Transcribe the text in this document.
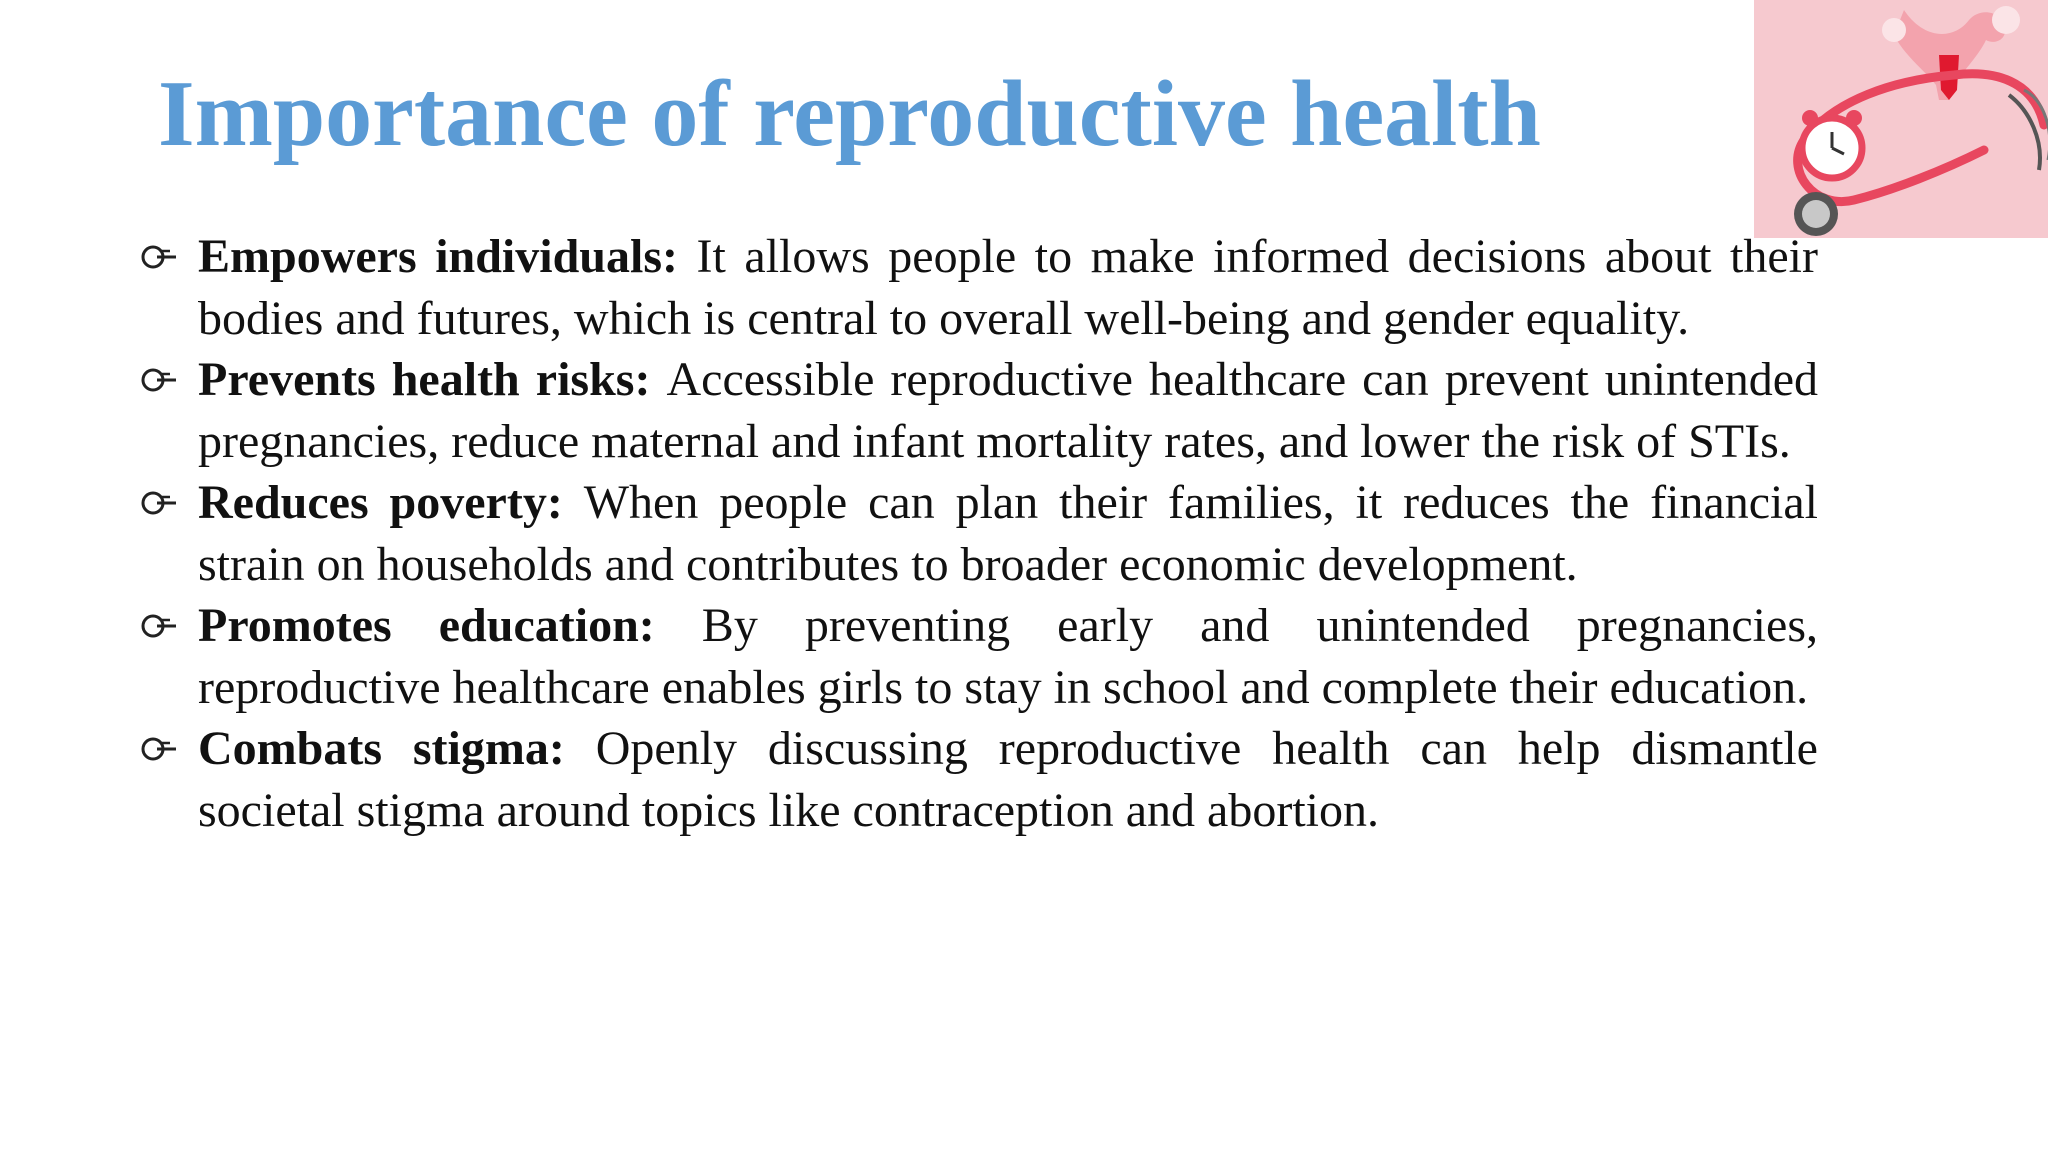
Importance of reproductive health
Empowers individuals: It allows people to make informed decisions about their bodies and futures, which is central to overall well-being and gender equality.
Prevents health risks: Accessible reproductive healthcare can prevent unintended pregnancies, reduce maternal and infant mortality rates, and lower the risk of STIs.
Reduces poverty: When people can plan their families, it reduces the financial strain on households and contributes to broader economic development.
Promotes education: By preventing early and unintended pregnancies, reproductive healthcare enables girls to stay in school and complete their education.
Combats stigma: Openly discussing reproductive health can help dismantle societal stigma around topics like contraception and abortion.
